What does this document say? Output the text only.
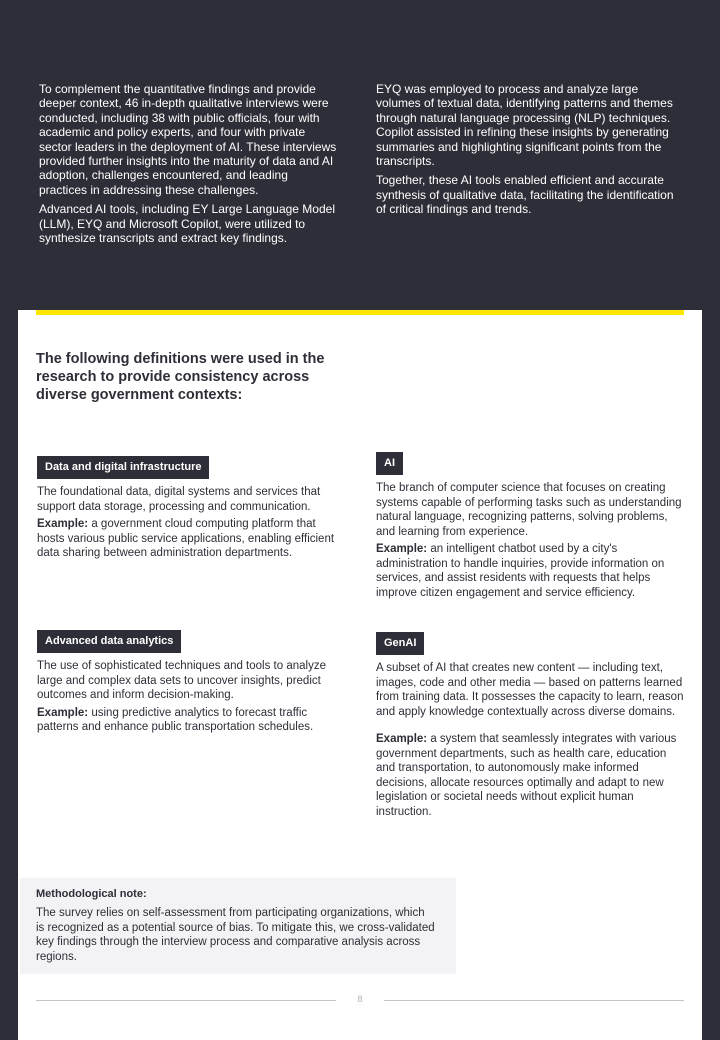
To complement the quantitative findings and provide deeper context, 46 in-depth qualitative interviews were conducted, including 38 with public officials, four with academic and policy experts, and four with private sector leaders in the deployment of AI. These interviews provided further insights into the maturity of data and AI adoption, challenges encountered, and leading practices in addressing these challenges.

Advanced AI tools, including EY Large Language Model (LLM), EYQ and Microsoft Copilot, were utilized to synthesize transcripts and extract key findings.

EYQ was employed to process and analyze large volumes of textual data, identifying patterns and themes through natural language processing (NLP) techniques. Copilot assisted in refining these insights by generating summaries and highlighting significant points from the transcripts.

Together, these AI tools enabled efficient and accurate synthesis of qualitative data, facilitating the identification of critical findings and trends.

The following definitions were used in the research to provide consistency across diverse government contexts:

Data and digital infrastructure

The foundational data, digital systems and services that support data storage, processing and communication.

Example: a government cloud computing platform that hosts various public service applications, enabling efficient data sharing between administration departments.

AI

The branch of computer science that focuses on creating systems capable of performing tasks such as understanding natural language, recognizing patterns, solving problems, and learning from experience.

Example: an intelligent chatbot used by a city's administration to handle inquiries, provide information on services, and assist residents with requests that helps improve citizen engagement and service efficiency.

Advanced data analytics

The use of sophisticated techniques and tools to analyze large and complex data sets to uncover insights, predict outcomes and inform decision-making.

Example: using predictive analytics to forecast traffic patterns and enhance public transportation schedules.

GenAI

A subset of AI that creates new content — including text, images, code and other media — based on patterns learned from training data. It possesses the capacity to learn, reason and apply knowledge contextually across diverse domains.

Example: a system that seamlessly integrates with various government departments, such as health care, education and transportation, to autonomously make informed decisions, allocate resources optimally and adapt to new legislation or societal needs without explicit human instruction.

Methodological note:

The survey relies on self-assessment from participating organizations, which is recognized as a potential source of bias. To mitigate this, we cross-validated key findings through the interview process and comparative analysis across regions.

8
